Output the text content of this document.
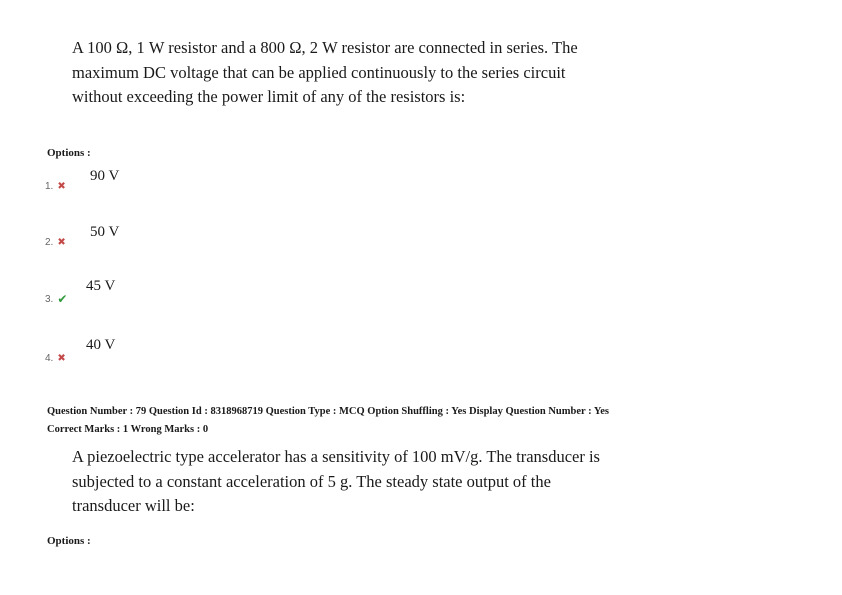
A 100 Ω, 1 W resistor and a 800 Ω, 2 W resistor are connected in series. The maximum DC voltage that can be applied continuously to the series circuit without exceeding the power limit of any of the resistors is:
Options :
1. ✖
90 V
2. ✖
50 V
3. ✔
45 V
4. ✖
40 V
Question Number : 79 Question Id : 8318968719 Question Type : MCQ Option Shuffling : Yes Display Question Number : Yes
Correct Marks : 1 Wrong Marks : 0
A piezoelectric type accelerator has a sensitivity of 100 mV/g. The transducer is subjected to a constant acceleration of 5 g. The steady state output of the transducer will be:
Options :
